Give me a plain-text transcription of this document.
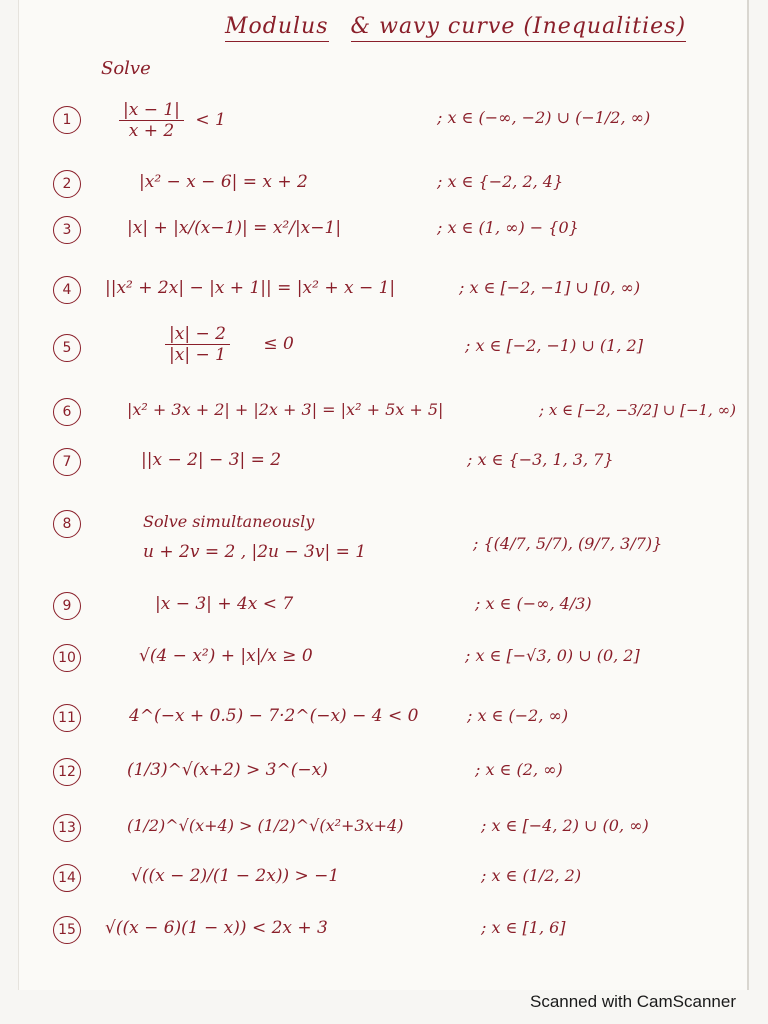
Modulus & wavy curve (Inequalities)
Solve
1	$\frac{|x - 1|}{x + 2} < 1$	; x ∈ (−∞, −2) ∪ (−1/2, ∞)
2	|x² − x − 6| = x + 2	; x ∈ {−2, 2, 4}
3	|x| + |x/(x−1)| = x²/|x−1|	; x ∈ (1, ∞) − {0}
4	||x² + 2x| − |x + 1|| = |x² + x − 1|	; x ∈ [−2, −1] ∪ [0, ∞)
5	$\frac{|x| - 2}{|x| - 1} \le 0$	; x ∈ [−2, −1) ∪ (1, 2]
6	|x² + 3x + 2| + |2x + 3| = |x² + 5x + 5|	; x ∈ [−2, −3/2] ∪ [−1, ∞)
7	||x − 2| − 3| = 2	; x ∈ {−3, 1, 3, 7}
8	Solve simultaneously
u + 2v = 2 , |2u − 3v| = 1	; {(4/7, 5/7), (9/7, 3/7)}
9	|x − 3| + 4x < 7	; x ∈ (−∞, 4/3)
10	√(4 − x²) + |x|/x ≥ 0	; x ∈ [−√3, 0) ∪ (0, 2]
11	4^(−x + 0.5) − 7·2^(−x) − 4 < 0	; x ∈ (−2, ∞)
12	(1/3)^√(x+2) > 3^(−x)	; x ∈ (2, ∞)
13	(1/2)^√(x+4) > (1/2)^√(x²+3x+4)	; x ∈ [−4, 2) ∪ (0, ∞)
14	√((x − 2)/(1 − 2x)) > −1	; x ∈ (1/2, 2)
15 √((x − 6)(1 − x)) < 2x + 3	; x ∈ [1, 6]
Scanned with CamScanner
